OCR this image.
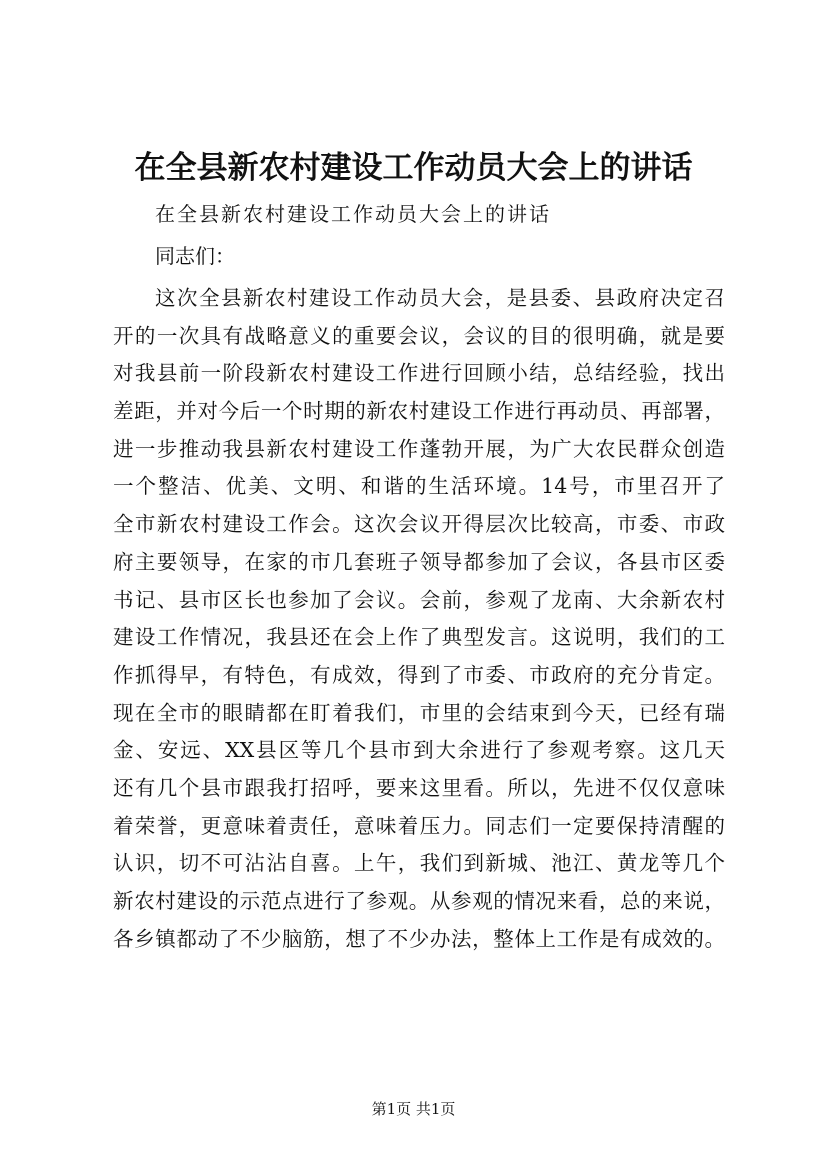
在全县新农村建设工作动员大会上的讲话

在全县新农村建设工作动员大会上的讲话

同志们：

这次全县新农村建设工作动员大会，是县委、县政府决定召
开的一次具有战略意义的重要会议，会议的目的很明确，就是要
对我县前一阶段新农村建设工作进行回顾小结，总结经验，找出
差距，并对今后一个时期的新农村建设工作进行再动员、再部署，
进一步推动我县新农村建设工作蓬勃开展，为广大农民群众创造
一个整洁、优美、文明、和谐的生活环境。14号，市里召开了
全市新农村建设工作会。这次会议开得层次比较高，市委、市政
府主要领导，在家的市几套班子领导都参加了会议，各县市区委
书记、县市区长也参加了会议。会前，参观了龙南、大余新农村
建设工作情况，我县还在会上作了典型发言。这说明，我们的工
作抓得早，有特色，有成效，得到了市委、市政府的充分肯定。
现在全市的眼睛都在盯着我们，市里的会结束到今天，已经有瑞
金、安远、XX县区等几个县市到大余进行了参观考察。这几天
还有几个县市跟我打招呼，要来这里看。所以，先进不仅仅意味
着荣誉，更意味着责任，意味着压力。同志们一定要保持清醒的
认识，切不可沾沾自喜。上午，我们到新城、池江、黄龙等几个
新农村建设的示范点进行了参观。从参观的情况来看，总的来说，
各乡镇都动了不少脑筋，想了不少办法，整体上工作是有成效的。

第1页 共1页
